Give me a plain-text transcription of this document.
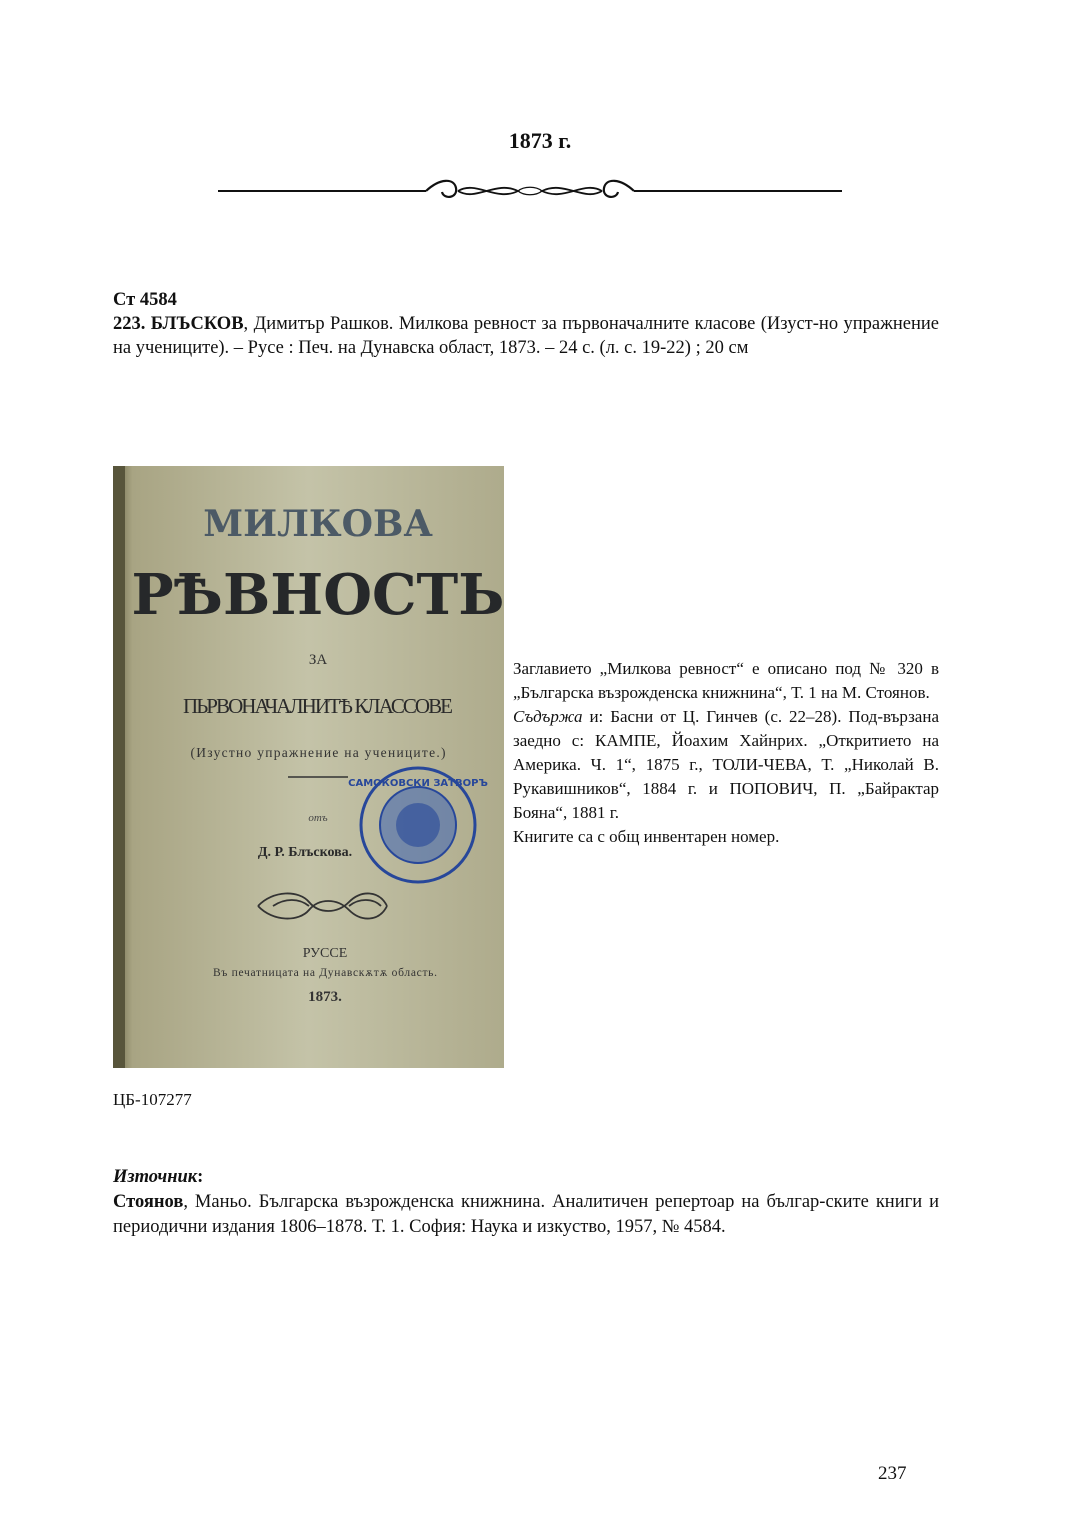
1873 г.

Ст 4584

223. БЛЪСКОВ, Димитър Рашков. Милкова ревност за първоначалните класове (Изуст-но упражнение на учениците). – Русе : Печ. на Дунавска област, 1873. – 24 с. (л. с. 19-22) ; 20 см

МИЛКОВА
РѢВНОСТЬ
ЗА
ПЬРВОНАЧАЛНИТѢ КЛАССОВЕ
(Изустно упражнение на учениците.)
отъ
Д. Р. Блъскова.
САМОКОВСКИ ЗАТВОРЪ
РУССЕ
Въ печатницата на Дунавскѫтѫ область.
1873.

Заглавието „Милкова ревност“ е описано под № 320 в „Българска възрожденска книжнина“, Т. 1 на М. Стоянов.

Съдържа и: Басни от Ц. Гинчев (с. 22–28). Под-вързана заедно с: КАМПЕ, Йоахим Хайнрих. „Откритието на Америка. Ч. 1“, 1875 г., ТОЛИ-ЧЕВА, Т. „Николай В. Рукавишников“, 1884 г. и ПОПОВИЧ, П. „Байрактар Бояна“, 1881 г.

Книгите са с общ инвентарен номер.

ЦБ-107277

Източник:

Стоянов, Маньо. Българска възрожденска книжнина. Аналитичен репертоар на българ-ските книги и периодични издания 1806–1878. Т. 1. София: Наука и изкуство, 1957, № 4584.

237
